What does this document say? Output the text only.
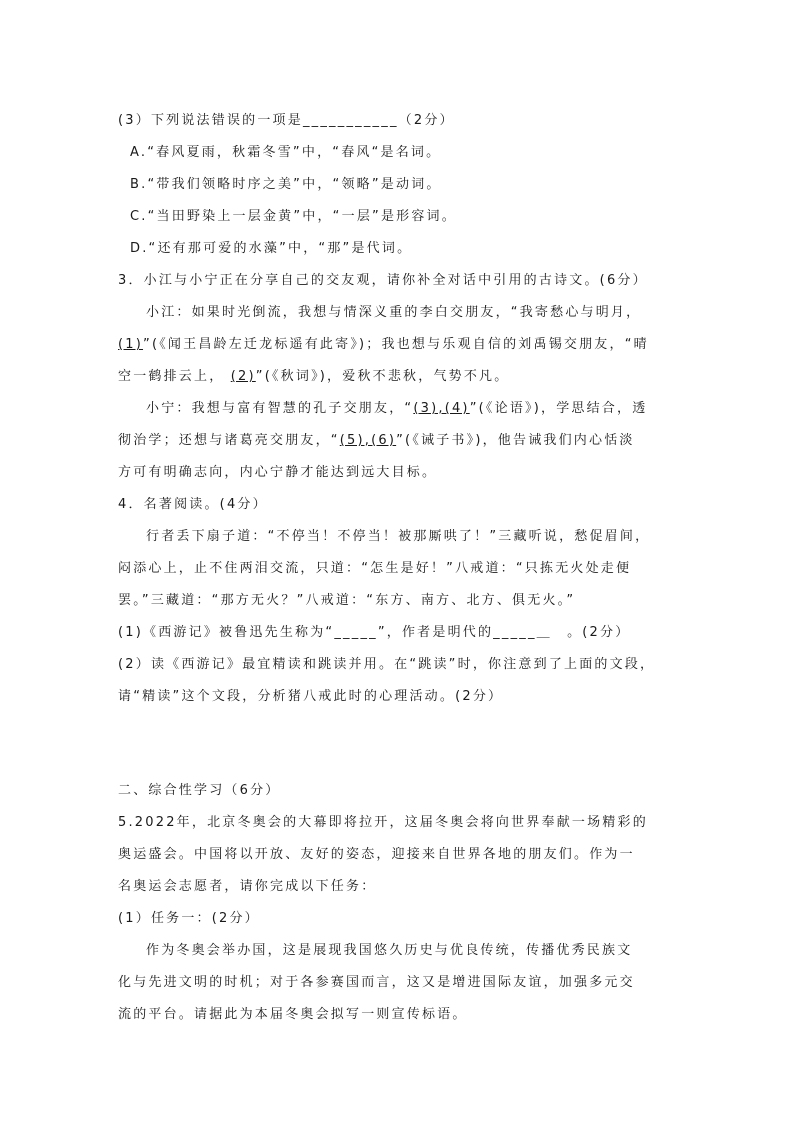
(3）下列说法错误的一项是___________（2分）
A.“春风夏雨，秋霜冬雪”中，“春风“是名词。
B.“带我们领略时序之美”中，“领略”是动词。
C.“当田野染上一层金黄”中，“一层”是形容词。
D.“还有那可爱的水藻”中，“那”是代词。
3．小江与小宁正在分享自己的交友观，请你补全对话中引用的古诗文。(6分）
小江：如果时光倒流，我想与情深义重的李白交朋友，“我寄愁心与明月，
(1)”(《闻王昌龄左迁龙标遥有此寄》)；我也想与乐观自信的刘禹锡交朋友，“晴
空一鹤排云上， (2)”(《秋词》)，爱秋不悲秋，气势不凡。
小宁：我想与富有智慧的孔子交朋友，“(3),(4)”(《论语》)，学思结合，透
彻治学；还想与诸葛亮交朋友，“(5),(6)”(《诫子书》)，他告诫我们内心恬淡
方可有明确志向，内心宁静才能达到远大目标。
4．名著阅读。(4分）
行者丢下扇子道：“不停当！不停当！被那厮哄了！”三藏听说，愁促眉间，
闷添心上，止不住两泪交流，只道：“怎生是好！”八戒道：“只拣无火处走便
罢。”三藏道：“那方无火？”八戒道：“东方、南方、北方、俱无火。”
(1)《西游记》被鲁迅先生称为“_____”，作者是明代的_____＿　。(2分）
(2）读《西游记》最宜精读和跳读并用。在“跳读”时，你注意到了上面的文段，
请“精读”这个文段，分析猪八戒此时的心理活动。(2分）
二、综合性学习（6分）
5.2022年，北京冬奥会的大幕即将拉开，这届冬奥会将向世界奉献一场精彩的
奥运盛会。中国将以开放、友好的姿态，迎接来自世界各地的朋友们。作为一
名奥运会志愿者，请你完成以下任务：
(1）任务一：(2分）
作为冬奥会举办国，这是展现我国悠久历史与优良传统，传播优秀民族文
化与先进文明的时机；对于各参赛国而言，这又是增进国际友谊，加强多元交
流的平台。请据此为本届冬奥会拟写一则宣传标语。
